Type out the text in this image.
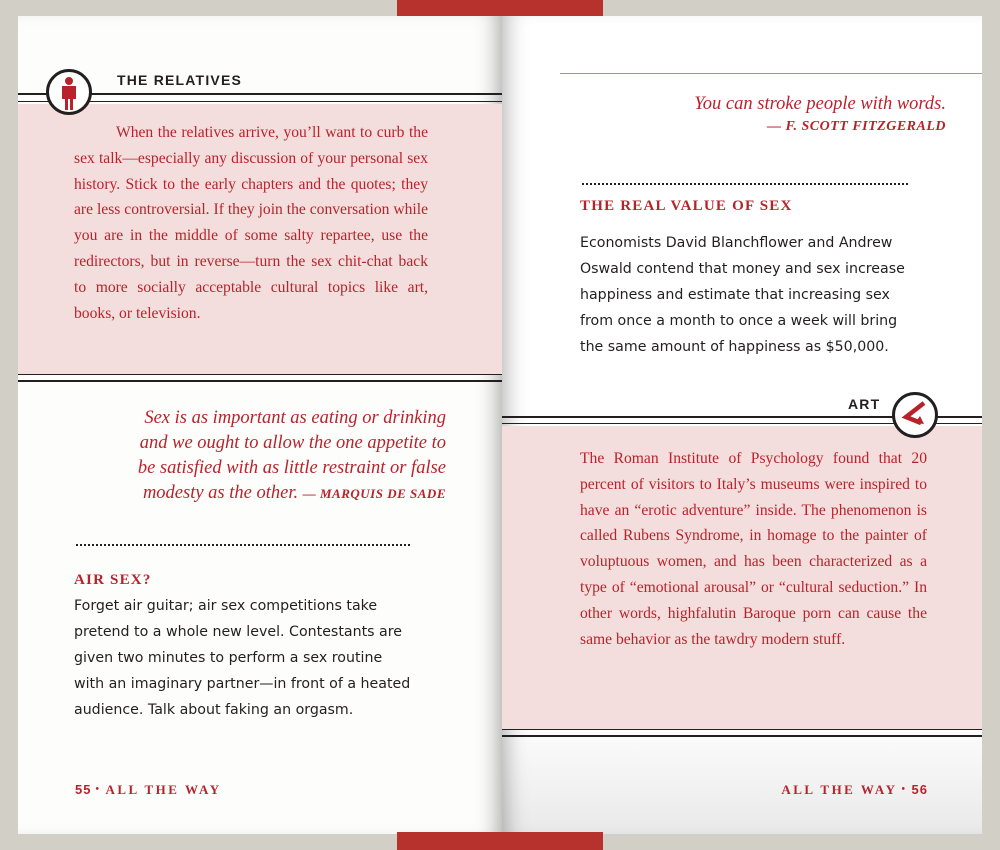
THE RELATIVES
When the relatives arrive, you’ll want to curb the sex talk—especially any discussion of your personal sex history. Stick to the early chapters and the quotes; they are less controversial. If they join the conversation while you are in the middle of some salty repartee, use the redirectors, but in reverse—turn the sex chit-chat back to more socially acceptable cultural topics like art, books, or television.
Sex is as important as eating or drinking
and we ought to allow the one appetite to
be satisfied with as little restraint or false
modesty as the other. — MARQUIS DE SADE
AIR SEX?
Forget air guitar; air sex competitions take
pretend to a whole new level. Contestants are
given two minutes to perform a sex routine
with an imaginary partner—in front of a heated
audience. Talk about faking an orgasm.
55 • ALL THE WAY
You can stroke people with words.
— F. SCOTT FITZGERALD
THE REAL VALUE OF SEX
Economists David Blanchflower and Andrew
Oswald contend that money and sex increase
happiness and estimate that increasing sex
from once a month to once a week will bring
the same amount of happiness as $50,000.
ART
The Roman Institute of Psychology found that 20 percent of visitors to Italy’s museums were inspired to have an “erotic adventure” inside. The phenomenon is called Rubens Syndrome, in homage to the painter of voluptuous women, and has been characterized as a type of “emotional arousal” or “cultural seduction.” In other words, highfalutin Baroque porn can cause the same behavior as the tawdry modern stuff.
ALL THE WAY • 56
